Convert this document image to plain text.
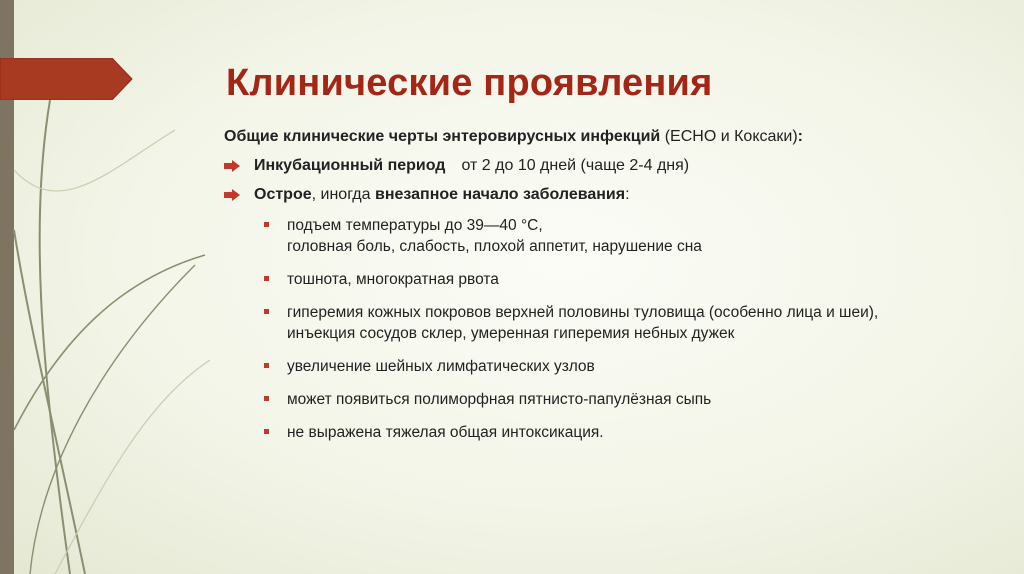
Клинические проявления

Общие клинические черты энтеровирусных инфекций (ECHO и Коксаки):

Инкубационный период от 2 до 10 дней (чаще 2-4 дня)
Острое, иногда внезапное начало заболевания:
подъем температуры до 39—40 °С,
головная боль, слабость, плохой аппетит, нарушение сна
тошнота, многократная рвота
гиперемия кожных покровов верхней половины туловища (особенно лица и шеи),
инъекция сосудов склер, умеренная гиперемия небных дужек
увеличение шейных лимфатических узлов
может появиться полиморфная пятнисто-папулёзная сыпь
не выражена тяжелая общая интоксикация.
